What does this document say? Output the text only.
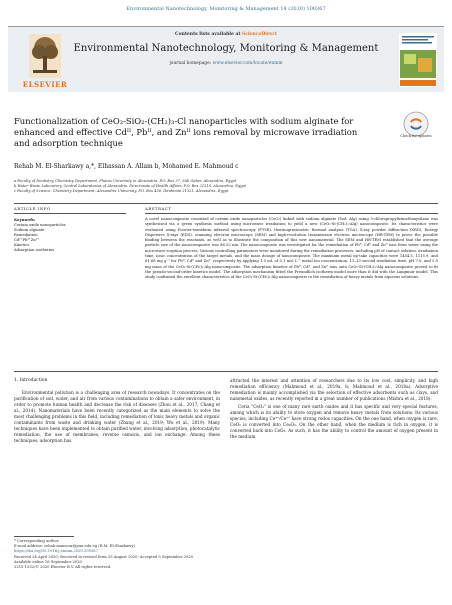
Environmental Nanotechnology, Monitoring & Management 14 (2020) 100367
Contents lists available at ScienceDirect
Environmental Nanotechnology, Monitoring & Management
journal homepage: www.elsevier.com/locate/enmm
ELSEVIER
Functionalization of CeO₂-SiO₂-(CH₂)₃-Cl nanoparticles with sodium alginate for enhanced and effective Cdᴵᴵ, Pbᴵᴵ, and Znᴵᴵ ions removal by microwave irradiation and adsorption technique
Check for updates
Rehab M. El-Sharkawy a,*, Elhassan A. Allam b, Mohamed E. Mahmoud c
a Faculty of Dentistry, Chemistry Department, Pharos University in Alexandria, P.O. Box 37, Sidi Gaber, Alexandria, Egypt
b Water Waste Laboratory, Central Laboratories of Alexandria, Directorate of Health Affairs, P.O. Box 21519, Alexandria, Egypt
c Faculty of Science, Chemistry Department, Alexandria University, P.O. Box 426, Ibrahimia 21321, Alexandria, Egypt
ARTICLE INFO	ABSTRACT
Keywords:
Cerium oxide nanoparticles
Sodium alginate
Remediation
Cd²⁺Pb²⁺Zn²⁺
Kinetics
Adsorption isotherms
A novel nanocomposite consisted of cerium oxide nanoparticles (CeO₂) linked with sodium alginate (Sod. Alg) using 3-chloropropyltrimethoxysilane was synthesized via a green synthesis method using microwave irradiation to yield a new (CeO₂-Si-(CH₂)₃-Alg) nanocomposite. Its characteristics were evaluated using Fourier-transform infrared spectroscopy (FT-IR), thermogravimetric thermal analysis (TGA), X-ray powder diffraction (XRD), Energy Dispersive X-rays (EDX), scanning electron microscope (SEM) and high-resolution transmission electron microscope (HR-TEM) to prove the possible binding between the reactants, as well as to illustrate the composition of this new nanomaterial. The SEM and HR-TEM established that the average particle size of the nanocomposite was 86.52 nm. The nanocomposite was investigated for the remediation of Pbᴵᴵ, Cdᴵᴵ and Znᴵᴵ ions from water using the microwave sorption process. Various controlling parameters were monitored during the remediation processes, including pH of contact solution, irradiation time, ionic concentration of the target metals, and the mass dosage of nanocomposite. The maximum metal up-take capacities were 1454.5, 1115.9, and 61.68 mg g⁻¹ for Pbᴵᴵ, Cdᴵᴵ and Znᴵᴵ, respectively by applying 1.0 mL of 0.1 mol L⁻¹ metal ion concentration, 11–13 second irradiation time, pH 7.0, and 5.0 mg mass of the CeO₂-Si-(CH₂)₃-Alg nanocomposite. The adsorption kinetics of Pbᴵᴵ, Cdᴵᴵ, and Znᴵᴵ ions onto CeO₂-Si-(CH₂)₃-Alg nanocomposite proved to fit the pseudo-second-order kinetics model. The adsorption mechanism fitted the Freundlich isotherm model more than it did with the Langmuir model. This study confirmed the excellent characteristics of the CeO₂-Si-(CH₂)₃-Alg nanocomposite in the remediation of heavy metals from aqueous solutions.
1. Introduction

Environmental pollution is a challenging area of research nowadays. It concentrates on the purification of soil, water, and air from various contaminations to obtain a safer environment, in order to promote human health and decrease the risk of diseases (Zhou et al., 2017; Chang et al., 2014). Nanomaterials have been recently categorized as the main elements to solve the most challenging problems in this field, including remediation of toxic heavy metals and organic contaminants from waste and drinking water (Zhang et al., 2019; Wu et al., 2019). Many techniques have been implemented to obtain purified water, involving adsorption, photocatalytic remediation, the use of membranes, reverse osmosis, and ion exchange. Among these techniques, adsorption has

attracted the interest and attention of researchers due to its low cost, simplicity, and high remediation efficiency (Mahmoud et al., 2019a, b; Mahmoud et al., 2018a). Adsorptive remediation is mainly accomplished via the selection of effective adsorbents such as clays, and nanometal oxides, as recently reported in a great number of publications (Mishra et al., 2018).

Ceria "CeO₂" is one of many rare earth oxides and it has specific and very special features, among which is its ability to store oxygen and remove heavy metals from solutions. Its various species, including Ce⁴⁺/Ce³⁺ have strong redox capacities. On the one hand, when oxygen is rare, CeO₂ is converted into Ce₂O₃. On the other hand, when the medium is rich in oxygen, it is converted back into CeO₂. As such, it has the ability to control the amount of oxygen present in the medium

* Corresponding author.
E-mail address: rehab.mansour@pua.edu.eg (R.M. El-Sharkawy).
https://doi.org/10.1016/j.enmm.2020.100367
Received 24 April 2020; Received in revised form 25 August 2020; Accepted 5 September 2020
Available online 16 September 2020
2215-1532/© 2020 Elsevier B.V. All rights reserved.
